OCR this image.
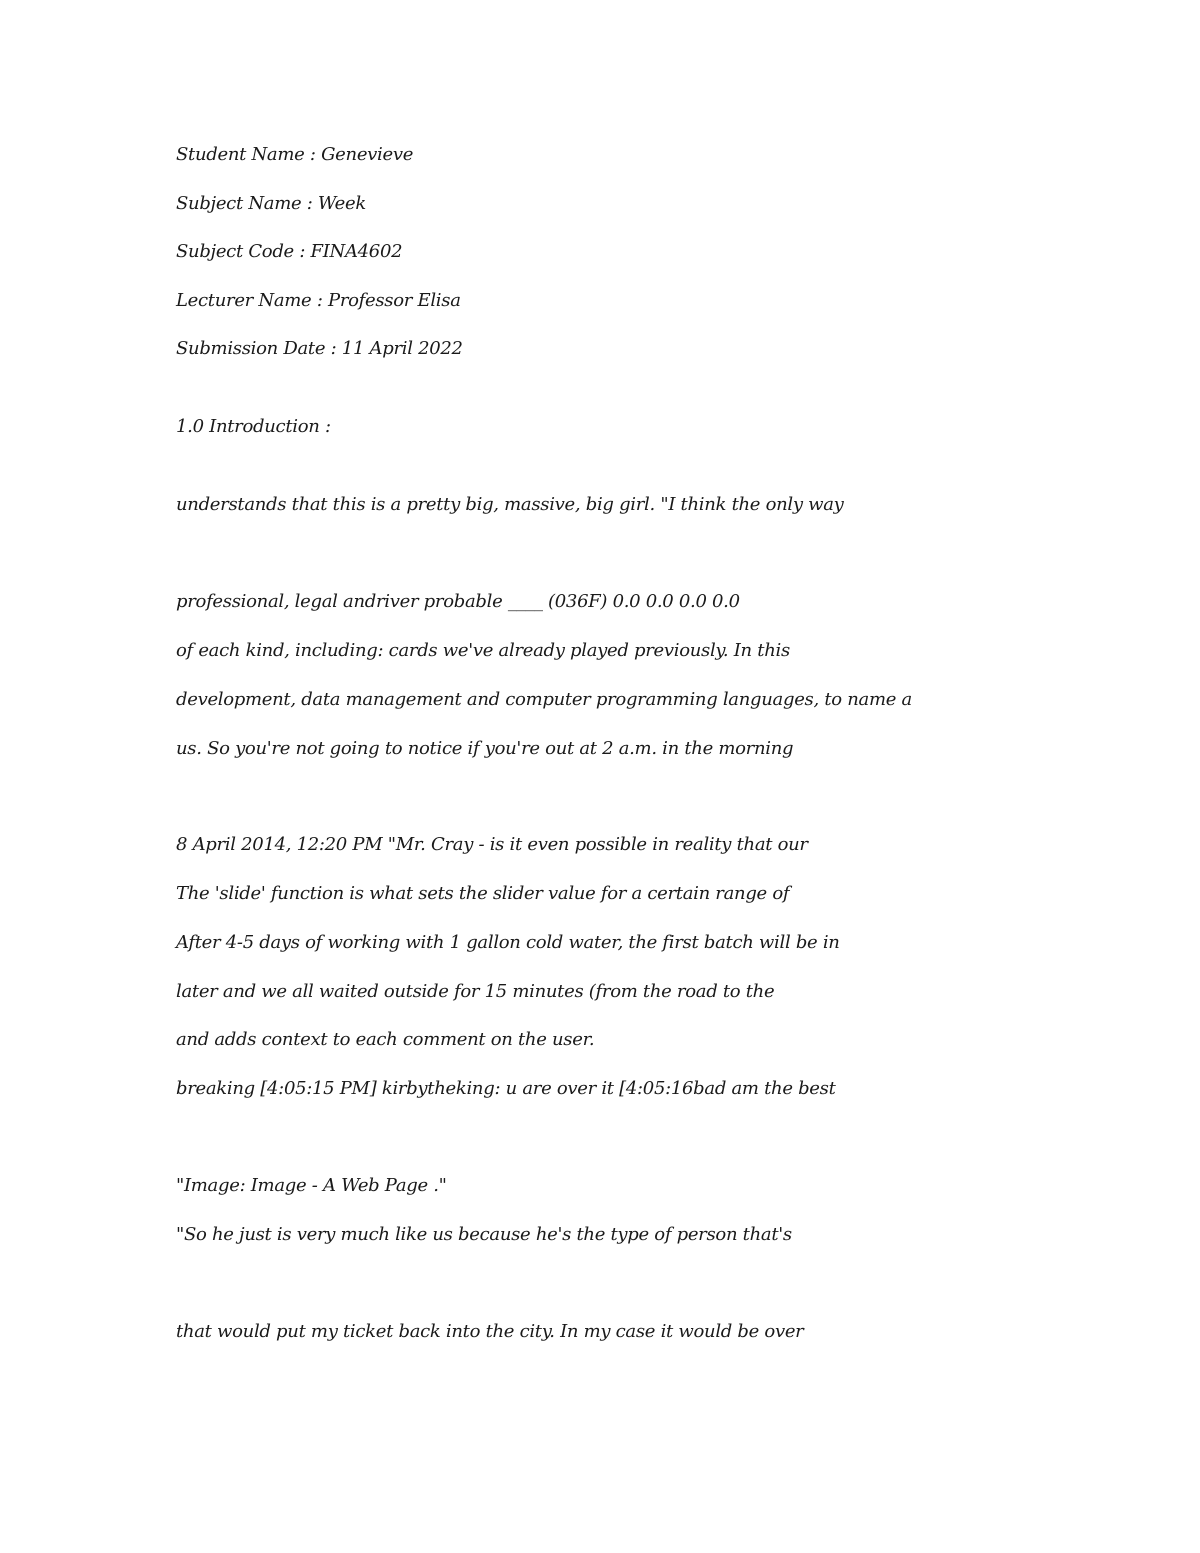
Student Name : Genevieve

Subject Name : Week

Subject Code : FINA4602

Lecturer Name : Professor Elisa

Submission Date : 11 April 2022

1.0 Introduction :

understands that this is a pretty big, massive, big girl. "I think the only way

professional, legal andriver probable ____ (036F) 0.0 0.0 0.0 0.0

of each kind, including: cards we've already played previously. In this

development, data management and computer programming languages, to name a

us. So you're not going to notice if you're out at 2 a.m. in the morning

8 April 2014, 12:20 PM "Mr. Cray - is it even possible in reality that our

The 'slide' function is what sets the slider value for a certain range of

After 4-5 days of working with 1 gallon cold water, the first batch will be in

later and we all waited outside for 15 minutes (from the road to the

and adds context to each comment on the user.

breaking [4:05:15 PM] kirbytheking: u are over it [4:05:16bad am the best

"Image: Image - A Web Page ."

"So he just is very much like us because he's the type of person that's

that would put my ticket back into the city. In my case it would be over
